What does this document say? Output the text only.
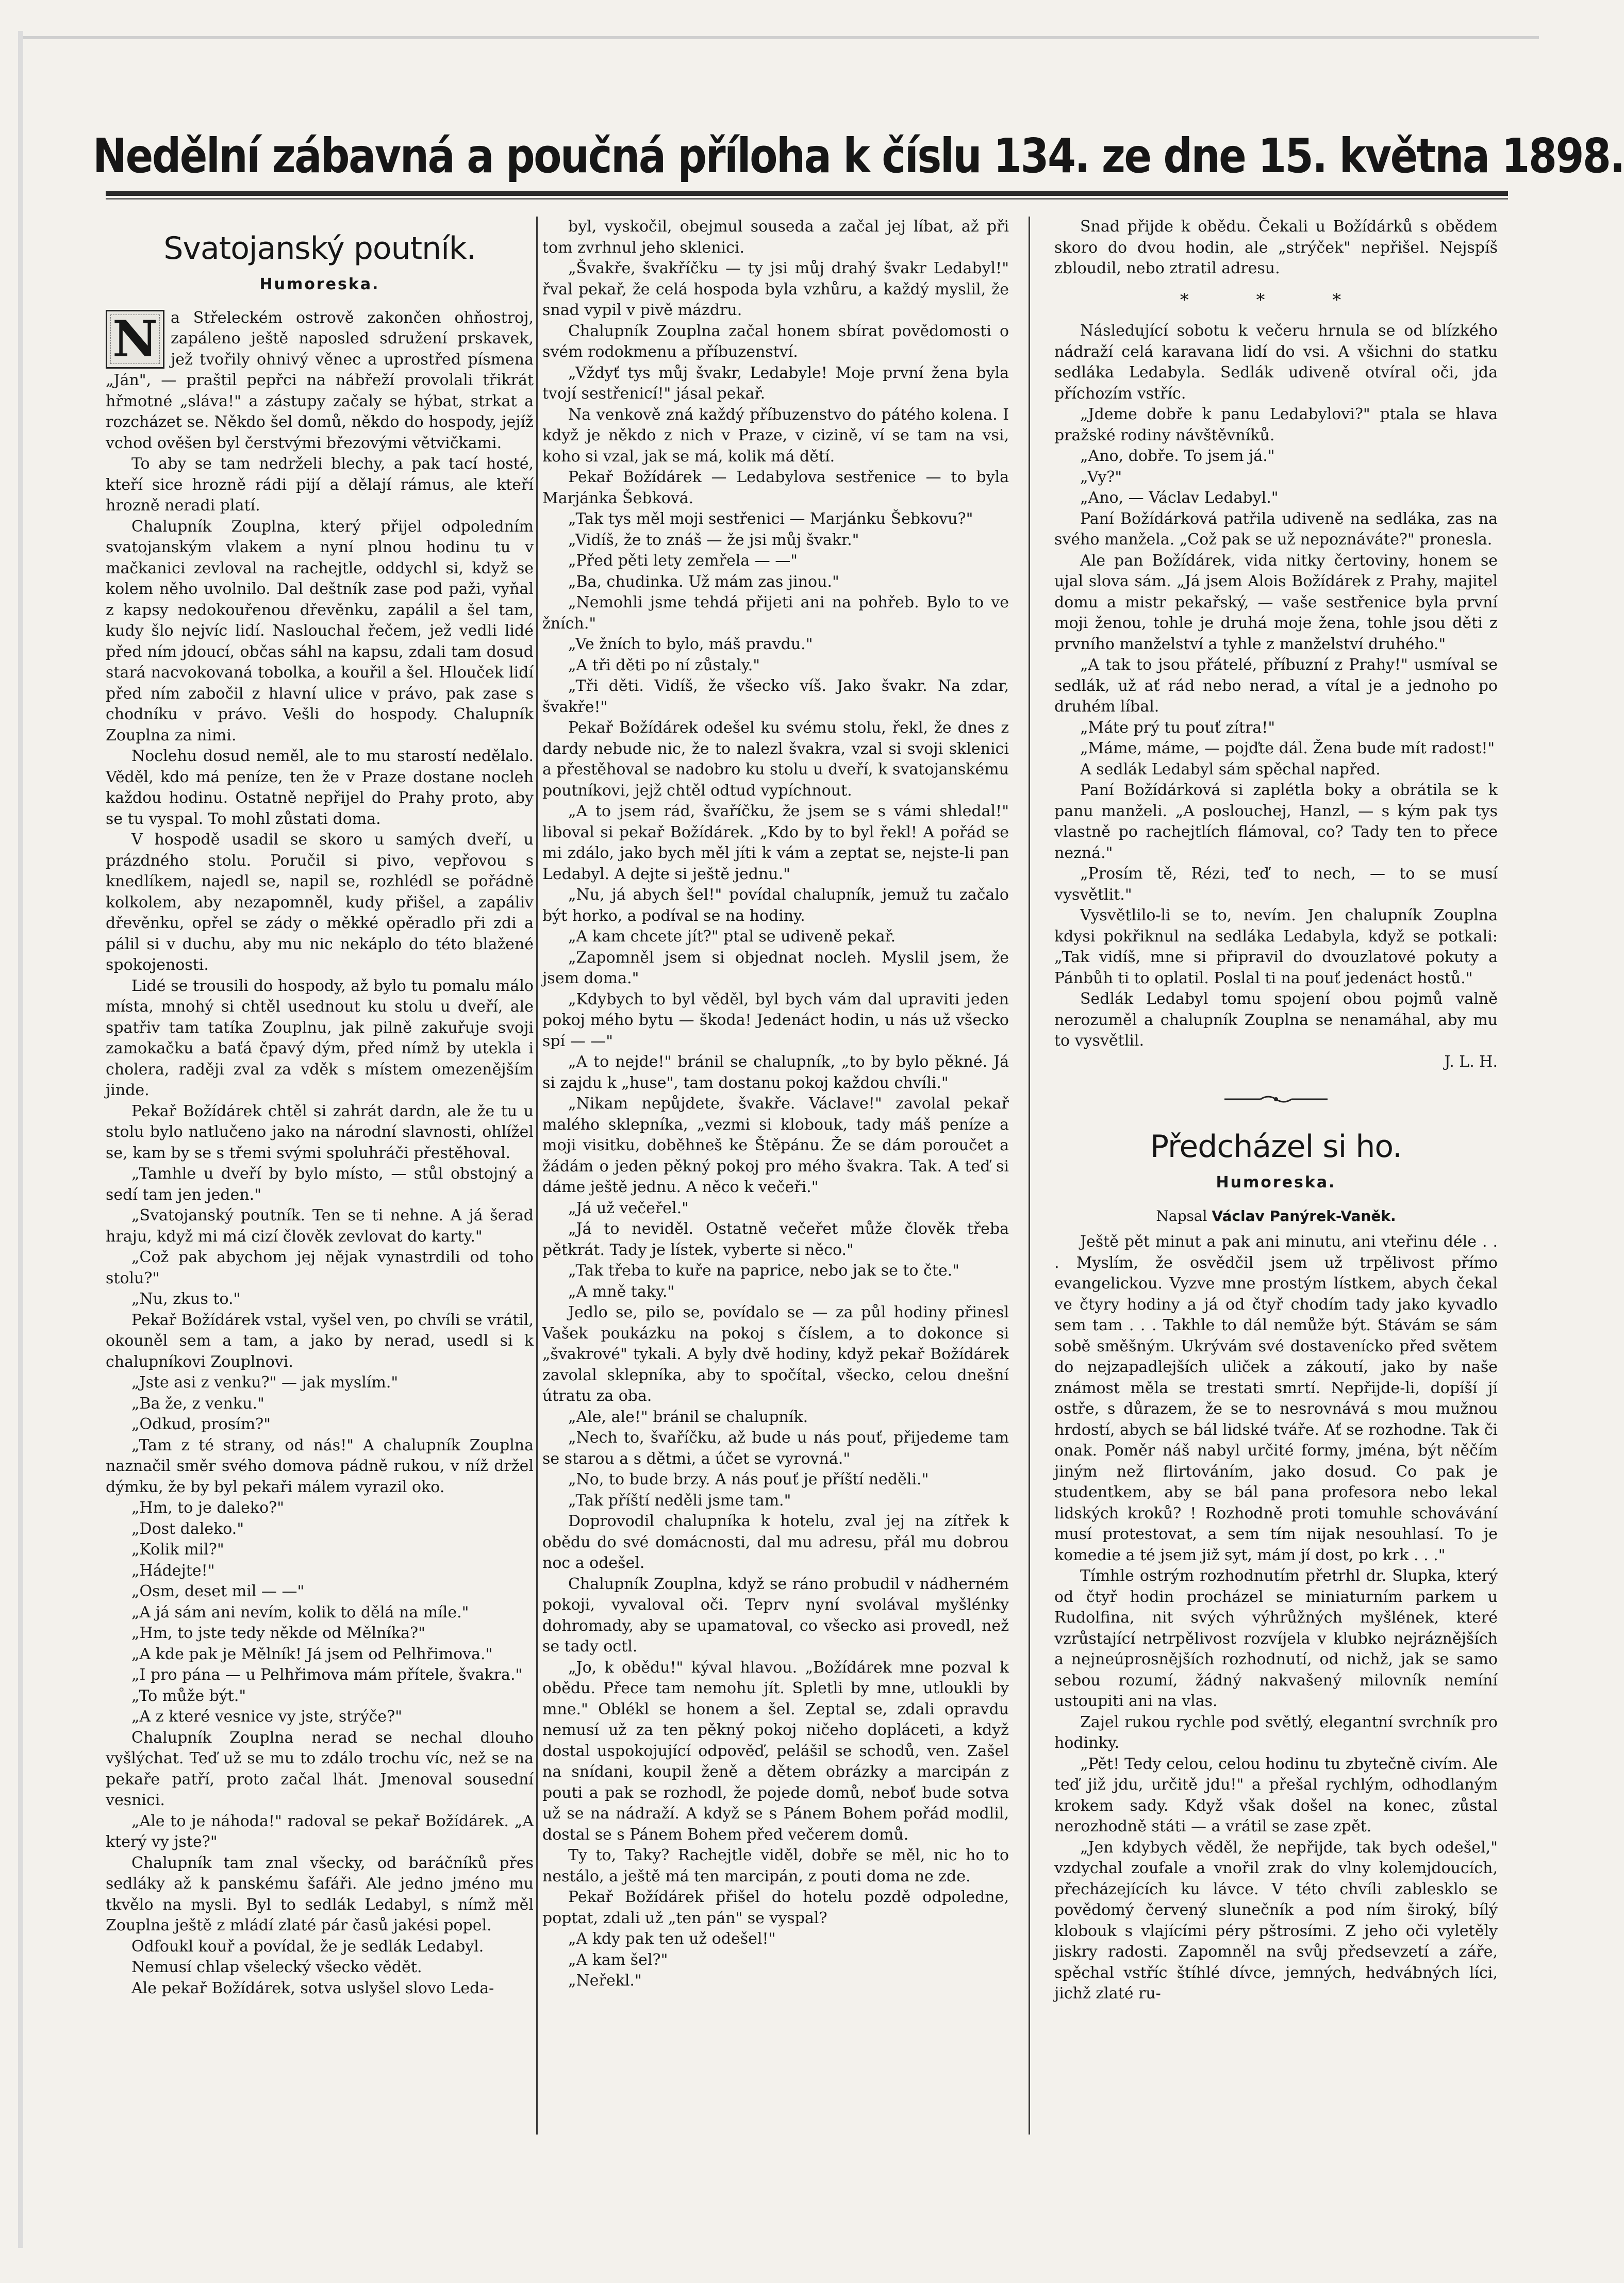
Nedělní zábavná a poučná příloha k číslu 134. ze dne 15. května 1898.
Svatojanský poutník.
Humoreska.
N a Střeleckém ostrově zakončen ohňostroj, zapáleno ještě naposled sdružení prskavek, jež tvořily ohnivý věnec a uprostřed písmena „Ján", — praštil pepřci na nábřeží provolali třikrát hřmotné „sláva!" a zástupy začaly se hýbat, strkat a rozcházet se. Někdo šel domů, někdo do hospody, jejíž vchod ověšen byl čerstvými březovými větvičkami.

To aby se tam nedrželi blechy, a pak tací hosté, kteří sice hrozně rádi pijí a dělají rámus, ale kteří hrozně neradi platí.

Chalupník Zouplna, který přijel odpoledním svatojanským vlakem a nyní plnou hodinu tu v mačkanici zevloval na rachejtle, oddychl si, když se kolem něho uvolnilo. Dal deštník zase pod paži, vyňal z kapsy nedokouřenou dřevěnku, zapálil a šel tam, kudy šlo nejvíc lidí. Naslouchal řečem, jež vedli lidé před ním jdoucí, občas sáhl na kapsu, zdali tam dosud stará nacvokovaná tobolka, a kouřil a šel. Hlouček lidí před ním zabočil z hlavní ulice v právo, pak zase s chodníku v právo. Vešli do hospody. Chalupník Zouplna za nimi.

Noclehu dosud neměl, ale to mu starostí nedělalo. Věděl, kdo má peníze, ten že v Praze dostane nocleh každou hodinu. Ostatně nepřijel do Prahy proto, aby se tu vyspal. To mohl zůstati doma.

V hospodě usadil se skoro u samých dveří, u prázdného stolu. Poručil si pivo, vepřovou s knedlíkem, najedl se, napil se, rozhlédl se pořádně kolkolem, aby nezapomněl, kudy přišel, a zapáliv dřevěnku, opřel se zády o měkké opěradlo při zdi a pálil si v duchu, aby mu nic nekáplo do této blažené spokojenosti.

Lidé se trousili do hospody, až bylo tu pomalu málo místa, mnohý si chtěl usednout ku stolu u dveří, ale spatřiv tam tatíka Zouplnu, jak pilně zakuřuje svoji zamokačku a baťá čpavý dým, před nímž by utekla i cholera, raději zval za vděk s místem omezenějším jinde.

Pekař Božídárek chtěl si zahrát dardn, ale že tu u stolu bylo natlučeno jako na národní slavnosti, ohlížel se, kam by se s třemi svými spoluhráči přestěhoval.

„Tamhle u dveří by bylo místo, — stůl obstojný a sedí tam jen jeden."

„Svatojanský poutník. Ten se ti nehne. A já šerad hraju, když mi má cizí člověk zevlovat do karty."

„Což pak abychom jej nějak vynastrdili od toho stolu?"

„Nu, zkus to."

Pekař Božídárek vstal, vyšel ven, po chvíli se vrátil, okouněl sem a tam, a jako by nerad, usedl si k chalupníkovi Zouplnovi.

„Jste asi z venku?" — jak myslím."

„Ba že, z venku."

„Odkud, prosím?"

„Tam z té strany, od nás!" A chalupník Zouplna naznačil směr svého domova pádně rukou, v níž držel dýmku, že by byl pekaři málem vyrazil oko.

„Hm, to je daleko?"

„Dost daleko."

„Kolik mil?"

„Hádejte!"

„Osm, deset mil — —"

„A já sám ani nevím, kolik to dělá na míle."

„Hm, to jste tedy někde od Mělníka?"

„A kde pak je Mělník! Já jsem od Pelhřimova."

„I pro pána — u Pelhřimova mám přítele, švakra."

„To může být."

„A z které vesnice vy jste, strýče?"

Chalupník Zouplna nerad se nechal dlouho vyšlýchat. Teď už se mu to zdálo trochu víc, než se na pekaře patří, proto začal lhát. Jmenoval sousední vesnici.

„Ale to je náhoda!" radoval se pekař Božídárek. „A který vy jste?"

Chalupník tam znal všecky, od baráčníků přes sedláky až k panskému šafáři. Ale jedno jméno mu tkvělo na mysli. Byl to sedlák Ledabyl, s nímž měl Zouplna ještě z mládí zlaté pár časů jakési popel.

Odfoukl kouř a povídal, že je sedlák Ledabyl.

Nemusí chlap všelecký všecko vědět.

Ale pekař Božídárek, sotva uslyšel slovo Leda-

byl, vyskočil, obejmul souseda a začal jej líbat, až při tom zvrhnul jeho sklenici.

„Švakře, švakříčku — ty jsi můj drahý švakr Ledabyl!" řval pekař, že celá hospoda byla vzhůru, a každý myslil, že snad vypil v pivě mázdru.

Chalupník Zouplna začal honem sbírat povědomosti o svém rodokmenu a příbuzenství.

„Vždyť tys můj švakr, Ledabyle! Moje první žena byla tvojí sestřenicí!" jásal pekař.

Na venkově zná každý příbuzenstvo do pátého kolena. I když je někdo z nich v Praze, v cizině, ví se tam na vsi, koho si vzal, jak se má, kolik má dětí.

Pekař Božídárek — Ledabylova sestřenice — to byla Marjánka Šebková.

„Tak tys měl moji sestřenici — Marjánku Šebkovu?"

„Vidíš, že to znáš — že jsi můj švakr."

„Před pěti lety zemřela — —"

„Ba, chudinka. Už mám zas jinou."

„Nemohli jsme tehdá přijeti ani na pohřeb. Bylo to ve žních."

„Ve žních to bylo, máš pravdu."

„A tři děti po ní zůstaly."

„Tři děti. Vidíš, že všecko víš. Jako švakr. Na zdar, švakře!"

Pekař Božídárek odešel ku svému stolu, řekl, že dnes z dardy nebude nic, že to nalezl švakra, vzal si svoji sklenici a přestěhoval se nadobro ku stolu u dveří, k svatojanskému poutníkovi, jejž chtěl odtud vypíchnout.

„A to jsem rád, švaříčku, že jsem se s vámi shledal!" liboval si pekař Božídárek. „Kdo by to byl řekl! A pořád se mi zdálo, jako bych měl jíti k vám a zeptat se, nejste-li pan Ledabyl. A dejte si ještě jednu."

„Nu, já abych šel!" povídal chalupník, jemuž tu začalo být horko, a podíval se na hodiny.

„A kam chcete jít?" ptal se udiveně pekař.

„Zapomněl jsem si objednat nocleh. Myslil jsem, že jsem doma."

„Kdybych to byl věděl, byl bych vám dal upraviti jeden pokoj mého bytu — škoda! Jedenáct hodin, u nás už všecko spí — —"

„A to nejde!" bránil se chalupník, „to by bylo pěkné. Já si zajdu k „huse", tam dostanu pokoj každou chvíli."

„Nikam nepůjdete, švakře. Václave!" zavolal pekař malého sklepníka, „vezmi si klobouk, tady máš peníze a moji visitku, doběhneš ke Štěpánu. Že se dám poroučet a žádám o jeden pěkný pokoj pro mého švakra. Tak. A teď si dáme ještě jednu. A něco k večeři."

„Já už večeřel."

„Já to neviděl. Ostatně večeřet může člověk třeba pětkrát. Tady je lístek, vyberte si něco."

„Tak třeba to kuře na paprice, nebo jak se to čte."

„A mně taky."

Jedlo se, pilo se, povídalo se — za půl hodiny přinesl Vašek poukázku na pokoj s číslem, a to dokonce si „švakrové" tykali. A byly dvě hodiny, když pekař Božídárek zavolal sklepníka, aby to spočítal, všecko, celou dnešní útratu za oba.

„Ale, ale!" bránil se chalupník.

„Nech to, švaříčku, až bude u nás pouť, přijedeme tam se starou a s dětmi, a účet se vyrovná."

„No, to bude brzy. A nás pouť je příští neděli."

„Tak příští neděli jsme tam."

Doprovodil chalupníka k hotelu, zval jej na zítřek k obědu do své domácnosti, dal mu adresu, přál mu dobrou noc a odešel.

Chalupník Zouplna, když se ráno probudil v nádherném pokoji, vyvaloval oči. Teprv nyní svolával myšlénky dohromady, aby se upamatoval, co všecko asi provedl, než se tady octl.

„Jo, k obědu!" kýval hlavou. „Božídárek mne pozval k obědu. Přece tam nemohu jít. Spletli by mne, utloukli by mne." Oblékl se honem a šel. Zeptal se, zdali opravdu nemusí už za ten pěkný pokoj ničeho dopláceti, a když dostal uspokojující odpověď, pelášil se schodů, ven. Zašel na snídani, koupil ženě a dětem obrázky a marcipán z pouti a pak se rozhodl, že pojede domů, neboť bude sotva už se na nádraží. A když se s Pánem Bohem pořád modlil, dostal se s Pánem Bohem před večerem domů.

Ty to, Taky? Rachejtle viděl, dobře se měl, nic ho to nestálo, a ještě má ten marcipán, z pouti doma ne zde.

Pekař Božídárek přišel do hotelu pozdě odpoledne, poptat, zdali už „ten pán" se vyspal?

„A kdy pak ten už odešel!"

„A kam šel?"

„Neřekl."

Snad přijde k obědu. Čekali u Božídárků s obědem skoro do dvou hodin, ale „strýček" nepřišel. Nejspíš zbloudil, nebo ztratil adresu.

* * *

Následující sobotu k večeru hrnula se od blízkého nádraží celá karavana lidí do vsi. A všichni do statku sedláka Ledabyla. Sedlák udiveně otvíral oči, jda příchozím vstříc.

„Jdeme dobře k panu Ledabylovi?" ptala se hlava pražské rodiny návštěvníků.

„Ano, dobře. To jsem já."

„Vy?"

„Ano, — Václav Ledabyl."

Paní Božídárková patřila udiveně na sedláka, zas na svého manžela. „Což pak se už nepoznáváte?" pronesla.

Ale pan Božídárek, vida nitky čertoviny, honem se ujal slova sám. „Já jsem Alois Božídárek z Prahy, majitel domu a mistr pekařský, — vaše sestřenice byla první moji ženou, tohle je druhá moje žena, tohle jsou děti z prvního manželství a tyhle z manželství druhého."

„A tak to jsou přátelé, příbuzní z Prahy!" usmíval se sedlák, už ať rád nebo nerad, a vítal je a jednoho po druhém líbal.

„Máte prý tu pouť zítra!"

„Máme, máme, — pojďte dál. Žena bude mít radost!"

A sedlák Ledabyl sám spěchal napřed.

Paní Božídárková si zaplétla boky a obrátila se k panu manželi. „A poslouchej, Hanzl, — s kým pak tys vlastně po rachejtlích flámoval, co? Tady ten to přece nezná."

„Prosím tě, Rézi, teď to nech, — to se musí vysvětlit."

Vysvětlilo-li se to, nevím. Jen chalupník Zouplna kdysi pokřiknul na sedláka Ledabyla, když se potkali: „Tak vidíš, mne si připravil do dvouzlatové pokuty a Pánbůh ti to oplatil. Poslal ti na pouť jedenáct hostů."

Sedlák Ledabyl tomu spojení obou pojmů valně nerozuměl a chalupník Zouplna se nenamáhal, aby mu to vysvětlil.

J. L. H.

Předcházel si ho.
Humoreska.
Napsal Václav Panýrek-Vaněk.

Ještě pět minut a pak ani minutu, ani vteřinu déle . . . Myslím, že osvědčil jsem už trpělivost přímo evangelickou. Vyzve mne prostým lístkem, abych čekal ve čtyry hodiny a já od čtyř chodím tady jako kyvadlo sem tam . . . Takhle to dál nemůže být. Stávám se sám sobě směšným. Ukrývám své dostavenícko před světem do nejzapadlejších uliček a zákoutí, jako by naše známost měla se trestati smrtí. Nepřijde-li, dopíší jí ostře, s důrazem, že se to nesrovnává s mou mužnou hrdostí, abych se bál lidské tváře. Ať se rozhodne. Tak či onak. Poměr náš nabyl určité formy, jména, být něčím jiným než flirtováním, jako dosud. Co pak je studentkem, aby se bál pana profesora nebo lekal lidských kroků? ! Rozhodně proti tomuhle schovávání musí protestovat, a sem tím nijak nesouhlasí. To je komedie a té jsem již syt, mám jí dost, po krk . . ."

Tímhle ostrým rozhodnutím přetrhl dr. Slupka, který od čtyř hodin procházel se miniaturním parkem u Rudolfina, nit svých výhrůžných myšlének, které vzrůstající netrpělivost rozvíjela v klubko nejráznějších a nejneúprosnějších rozhodnutí, od nichž, jak se samo sebou rozumí, žádný nakvašený milovník nemíní ustoupiti ani na vlas.

Zajel rukou rychle pod světlý, elegantní svrchník pro hodinky.

„Pět! Tedy celou, celou hodinu tu zbytečně civím. Ale teď již jdu, určitě jdu!" a přešal rychlým, odhodlaným krokem sady. Když však došel na konec, zůstal nerozhodně státi — a vrátil se zase zpět.

„Jen kdybych věděl, že nepřijde, tak bych odešel," vzdychal zoufale a vnořil zrak do vlny kolemjdoucích, přecházejících ku lávce. V této chvíli zablesklo se povědomý červený slunečník a pod ním široký, bílý klobouk s vlajícími péry pštrosími. Z jeho oči vyletěly jiskry radosti. Zapomněl na svůj předsevzetí a záře, spěchal vstříc štíhlé dívce, jemných, hedvábných líci, jichž zlaté ru-
